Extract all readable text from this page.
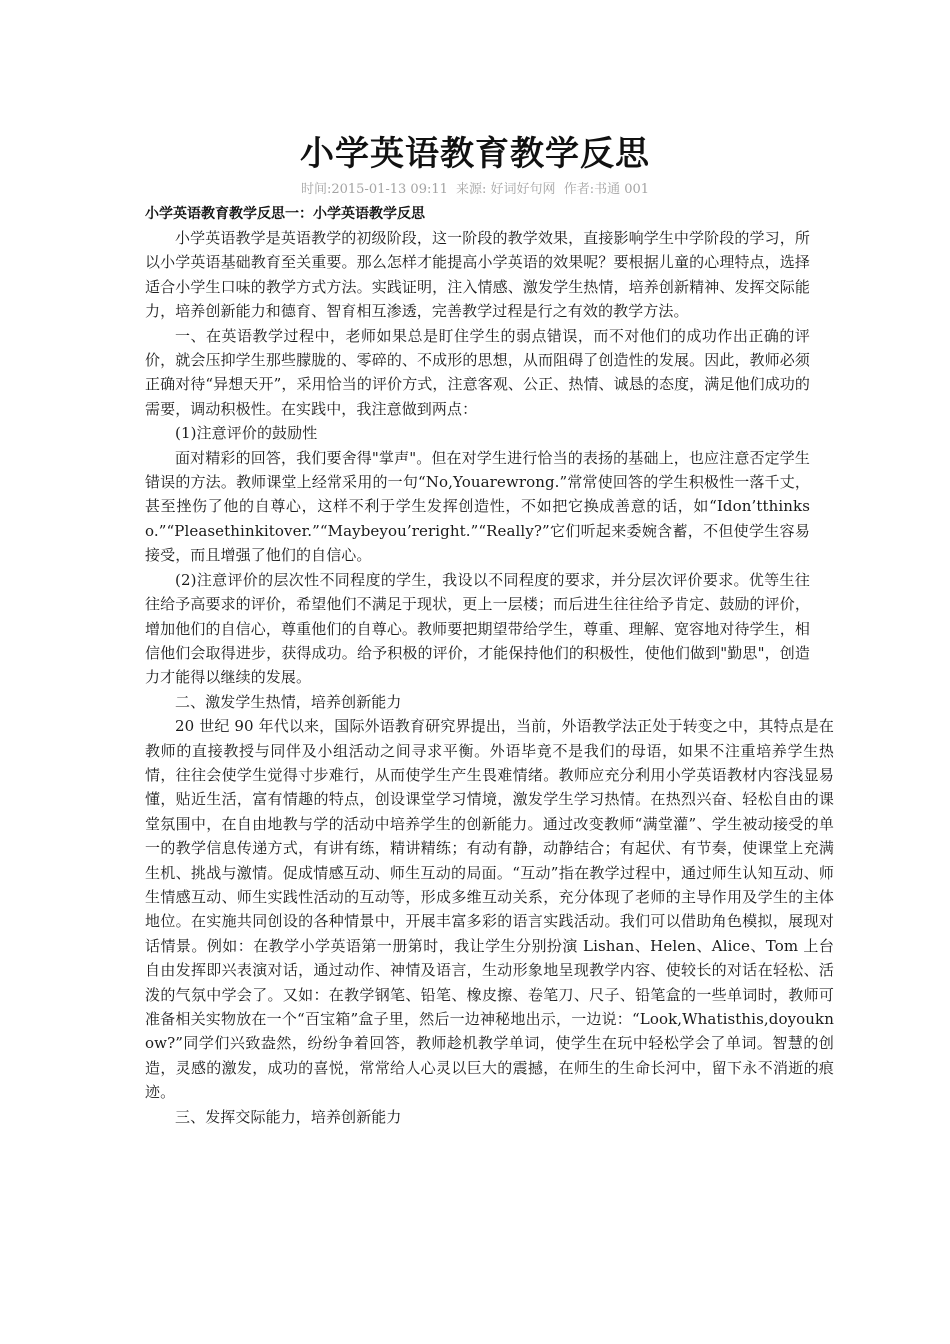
小学英语教育教学反思
时间:2015-01-13 09:11 来源: 好词好句网 作者:书通 001
小学英语教育教学反思一：小学英语教学反思

小学英语教学是英语教学的初级阶段，这一阶段的教学效果，直接影响学生中学阶段的学习，所以小学英语基础教育至关重要。那么怎样才能提高小学英语的效果呢？要根据儿童的心理特点，选择适合小学生口味的教学方式方法。实践证明，注入情感、激发学生热情，培养创新精神、发挥交际能力，培养创新能力和德育、智育相互渗透，完善教学过程是行之有效的教学方法。

一、在英语教学过程中，老师如果总是盯住学生的弱点错误，而不对他们的成功作出正确的评价，就会压抑学生那些朦胧的、零碎的、不成形的思想，从而阻碍了创造性的发展。因此，教师必须正确对待“异想天开”，采用恰当的评价方式，注意客观、公正、热情、诚恳的态度，满足他们成功的需要，调动积极性。在实践中，我注意做到两点：

(1)注意评价的鼓励性

面对精彩的回答，我们要舍得"掌声"。但在对学生进行恰当的表扬的基础上，也应注意否定学生错误的方法。教师课堂上经常采用的一句“No,Youarewrong.”常常使回答的学生积极性一落千丈，甚至挫伤了他的自尊心，这样不利于学生发挥创造性，不如把它换成善意的话，如“Idon’tthinkso.”“Pleasethinkitover.”“Maybeyou’reright.”“Really?”它们听起来委婉含蓄，不但使学生容易接受，而且增强了他们的自信心。

(2)注意评价的层次性不同程度的学生，我设以不同程度的要求，并分层次评价要求。优等生往往给予高要求的评价，希望他们不满足于现状，更上一层楼；而后进生往往给予肯定、鼓励的评价，增加他们的自信心，尊重他们的自尊心。教师要把期望带给学生，尊重、理解、宽容地对待学生，相信他们会取得进步，获得成功。给予积极的评价，才能保持他们的积极性，使他们做到"勤思"，创造力才能得以继续的发展。

二、激发学生热情，培养创新能力

20 世纪 90 年代以来，国际外语教育研究界提出，当前，外语教学法正处于转变之中，其特点是在教师的直接教授与同伴及小组活动之间寻求平衡。外语毕竟不是我们的母语，如果不注重培养学生热情，往往会使学生觉得寸步难行，从而使学生产生畏难情绪。教师应充分利用小学英语教材内容浅显易懂，贴近生活，富有情趣的特点，创设课堂学习情境，激发学生学习热情。在热烈兴奋、轻松自由的课堂氛围中，在自由地教与学的活动中培养学生的创新能力。通过改变教师“满堂灌”、学生被动接受的单一的教学信息传递方式，有讲有练，精讲精练；有动有静，动静结合；有起伏、有节奏，使课堂上充满生机、挑战与激情。促成情感互动、师生互动的局面。“互动”指在教学过程中，通过师生认知互动、师生情感互动、师生实践性活动的互动等，形成多维互动关系，充分体现了老师的主导作用及学生的主体地位。在实施共同创设的各种情景中，开展丰富多彩的语言实践活动。我们可以借助角色模拟，展现对话情景。例如：在教学小学英语第一册第时，我让学生分别扮演 Lishan、Helen、Alice、Tom 上台自由发挥即兴表演对话，通过动作、神情及语言，生动形象地呈现教学内容、使较长的对话在轻松、活泼的气氛中学会了。又如：在教学钢笔、铅笔、橡皮擦、卷笔刀、尺子、铅笔盒的一些单词时，教师可准备相关实物放在一个“百宝箱”盒子里，然后一边神秘地出示，一边说：“Look,Whatisthis,doyouknow?”同学们兴致盎然，纷纷争着回答，教师趁机教学单词，使学生在玩中轻松学会了单词。智慧的创造，灵感的激发，成功的喜悦，常常给人心灵以巨大的震撼，在师生的生命长河中，留下永不消逝的痕迹。

三、发挥交际能力，培养创新能力
